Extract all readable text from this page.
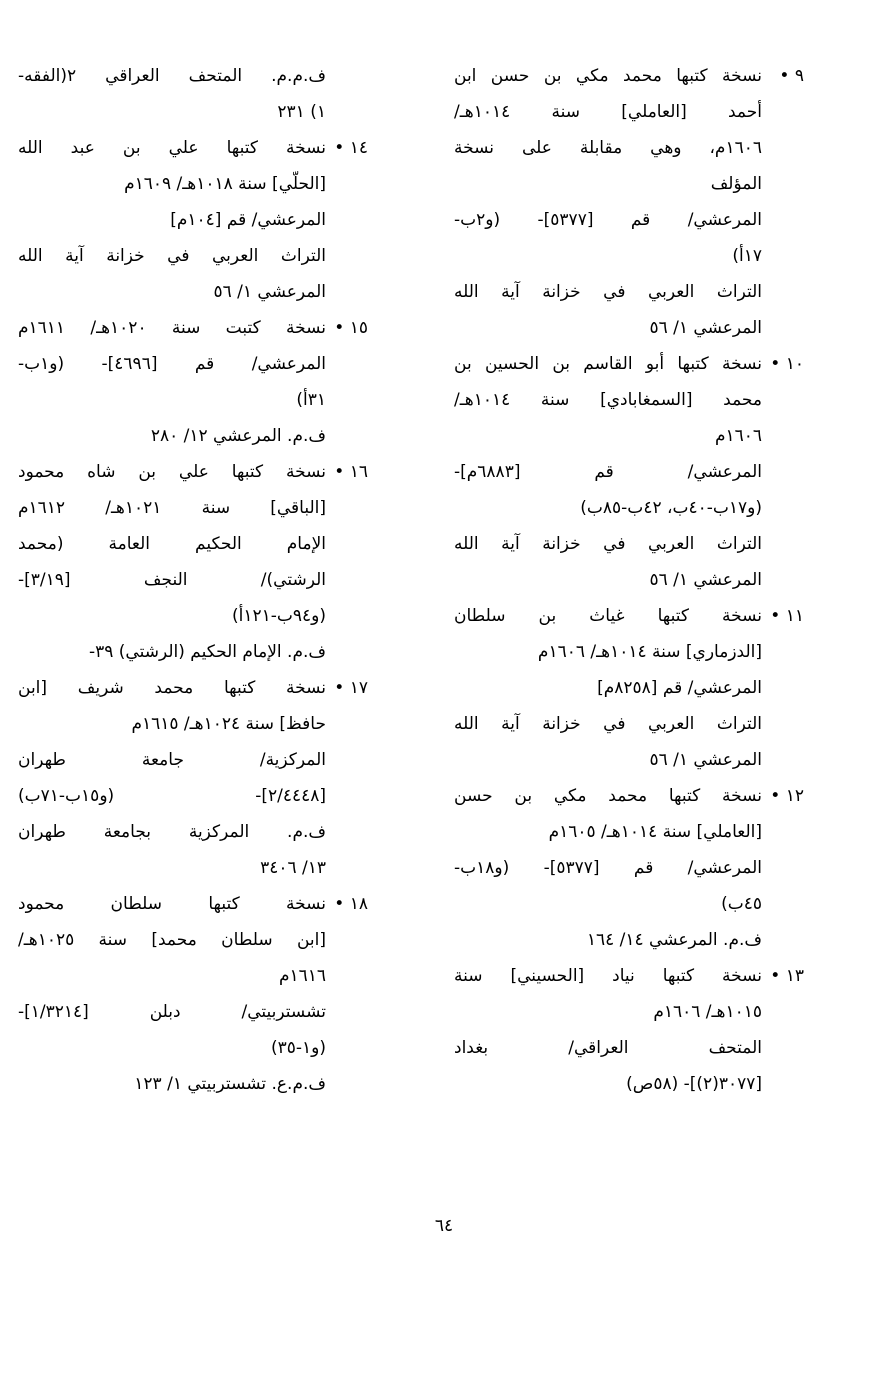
٩ •
نسخة كتبها محمد مكي بن حسن ابن
أحمد [العاملي] سنة ١٠١٤هـ/
١٦٠٦م، وهي مقابلة على نسخة
المؤلف
المرعشي/ قم [٥٣٧٧]- (و٢ب-
١٧أ)
التراث العربي في خزانة آية الله
المرعشي ١/ ٥٦
١٠ •
نسخة كتبها أبو القاسم بن الحسين بن
محمد [السمغابادي] سنة ١٠١٤هـ/
١٦٠٦م
المرعشي/ قم [٦٨٨٣م]-
(و١٧ب-٤٠ب، ٤٢ب-٨٥ب)
التراث العربي في خزانة آية الله
المرعشي ١/ ٥٦
١١ •
نسخة كتبها غياث بن سلطان
[الدزماري] سنة ١٠١٤هـ/ ١٦٠٦م
المرعشي/ قم [٨٢٥٨م]
التراث العربي في خزانة آية الله
المرعشي ١/ ٥٦
١٢ •
نسخة كتبها محمد مكي بن حسن
[العاملي] سنة ١٠١٤هـ/ ١٦٠٥م
المرعشي/ قم [٥٣٧٧]- (و١٨ب-
٤٥ب)
ف.م. المرعشي ١٤/ ١٦٤
١٣ •
نسخة كتبها نياد [الحسيني] سنة
١٠١٥هـ/ ١٦٠٦م
المتحف العراقي/ بغداد
[٣٠٧٧(٢)]- (٥٨ص)
ف.م.م. المتحف العراقي ٢(الفقه-
١) ٢٣١
١٤ •
نسخة كتبها علي بن عبد الله
[الحلّي] سنة ١٠١٨هـ/ ١٦٠٩م
المرعشي/ قم [١٠٤م]
التراث العربي في خزانة آية الله
المرعشي ١/ ٥٦
١٥ •
نسخة كتبت سنة ١٠٢٠هـ/ ١٦١١م
المرعشي/ قم [٤٦٩٦]- (و١ب-
٣١أ)
ف.م. المرعشي ١٢/ ٢٨٠
١٦ •
نسخة كتبها علي بن شاه محمود
[الباقي] سنة ١٠٢١هـ/ ١٦١٢م
الإمام الحكيم العامة (محمد
الرشتي)/ النجف [٣/١٩]-
(و٩٤ب-١٢١أ)
ف.م. الإمام الحكيم (الرشتي) ٣٩-
١٧ •
نسخة كتبها محمد شريف [ابن
حافظ] سنة ١٠٢٤هـ/ ١٦١٥م
المركزية/ جامعة طهران
[٢/٤٤٤٨]- (و١٥ب-٧١ب)
ف.م. المركزية بجامعة طهران
١٣/ ٣٤٠٦
١٨ •
نسخة كتبها سلطان محمود
[ابن سلطان محمد] سنة ١٠٢٥هـ/
١٦١٦م
تشستربيتي/ دبلن [١/٣٢١٤]-
(و١-٣٥)
ف.م.ع. تشستربيتي ١/ ١٢٣
٦٤
